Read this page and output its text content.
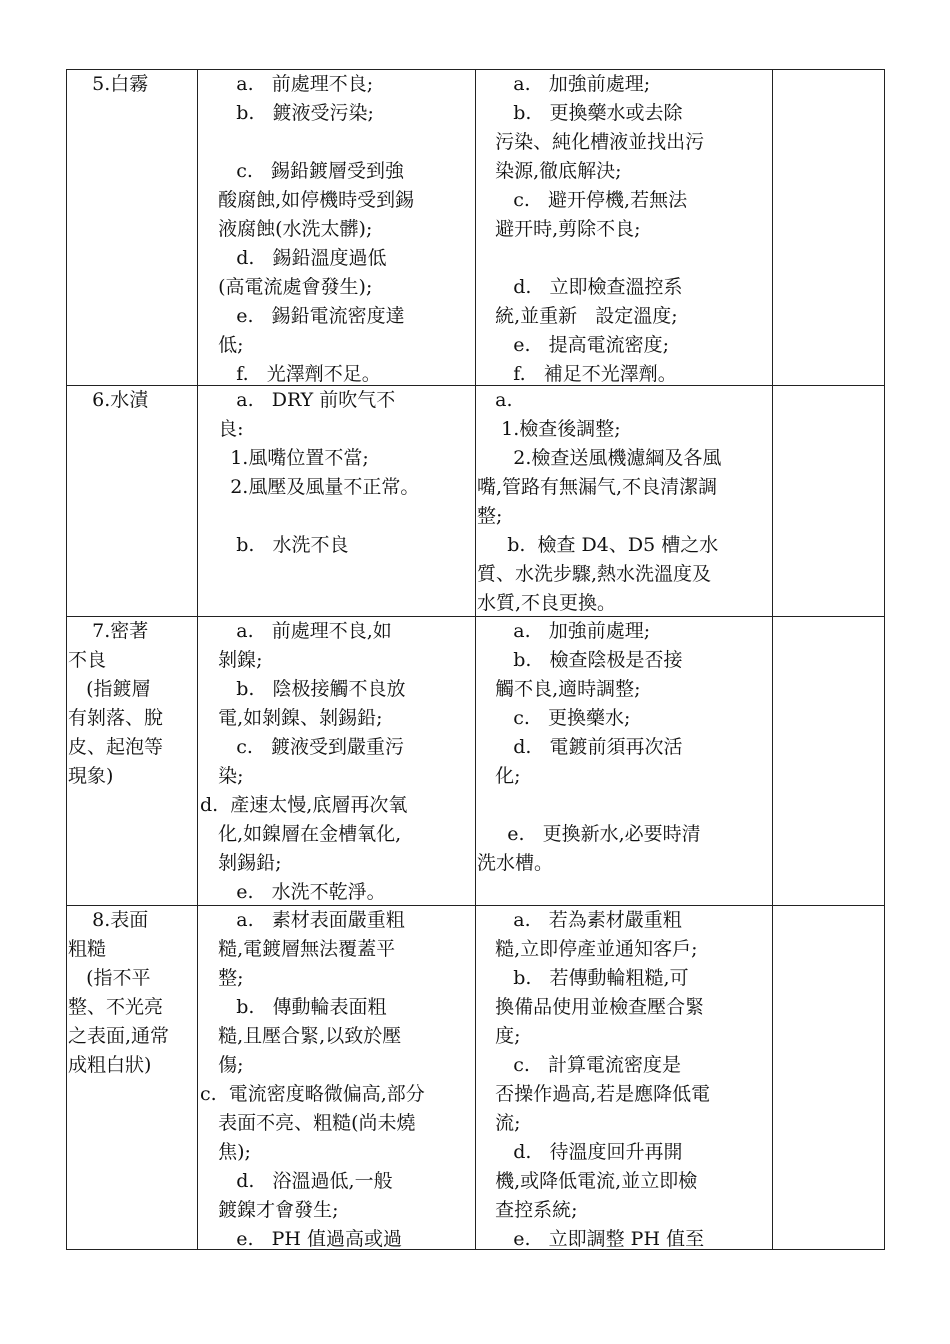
5.白霧	a.   前處理不良;
b.   鍍液受污染;
c.   錫鉛鍍層受到強
酸腐蝕,如停機時受到錫
液腐蝕(水洗太髒);
d.   錫鉛溫度過低
(高電流處會發生);
e.   錫鉛電流密度達
低;
f.   光澤劑不足。
a.   加強前處理;
b.   更換藥水或去除
污染、純化槽液並找出污
染源,徹底解決;
c.   避开停機,若無法
避开時,剪除不良;
d.   立即檢查溫控系
統,並重新   設定溫度;
e.   提高電流密度;
f.   補足不光澤劑。
6.水漬	a.   DRY 前吹气不
良:
1.風嘴位置不當;
2.風壓及風量不正常。
b.   水洗不良
a.
1.檢查後調整;
2.檢查送風機濾綱及各風
嘴,管路有無漏气,不良清潔調
整;
b.  檢查 D4、D5 槽之水
質、水洗步驟,熱水洗溫度及
水質,不良更換。
7.密著
不良
(指鍍層
有剝落、脫
皮、起泡等
現象)
a.   前處理不良,如
剝鎳;
b.   陰极接觸不良放
電,如剝鎳、剝錫鉛;
c.   鍍液受到嚴重污
染;
d.  產速太慢,底層再次氧
化,如鎳層在金槽氧化,
剝錫鉛;
e.   水洗不乾淨。
a.   加強前處理;
b.   檢查陰极是否接
觸不良,適時調整;
c.   更換藥水;
d.   電鍍前須再次活
化;
e.   更換新水,必要時清
洗水槽。
8.表面
粗糙
(指不平
整、不光亮
之表面,通常
成粗白狀)
a.   素材表面嚴重粗
糙,電鍍層無法覆蓋平
整;
b.   傳動輪表面粗
糙,且壓合緊,以致於壓
傷;
c.  電流密度略微偏高,部分
表面不亮、粗糙(尚未燒
焦);
d.   浴溫過低,一般
鍍鎳才會發生;
e.   PH 值過高或過
a.   若為素材嚴重粗
糙,立即停產並通知客戶;
b.   若傳動輪粗糙,可
換備品使用並檢查壓合緊
度;
c.   計算電流密度是
否操作過高,若是應降低電
流;
d.   待溫度回升再開
機,或降低電流,並立即檢
查控系統;
e.   立即調整 PH 值至
